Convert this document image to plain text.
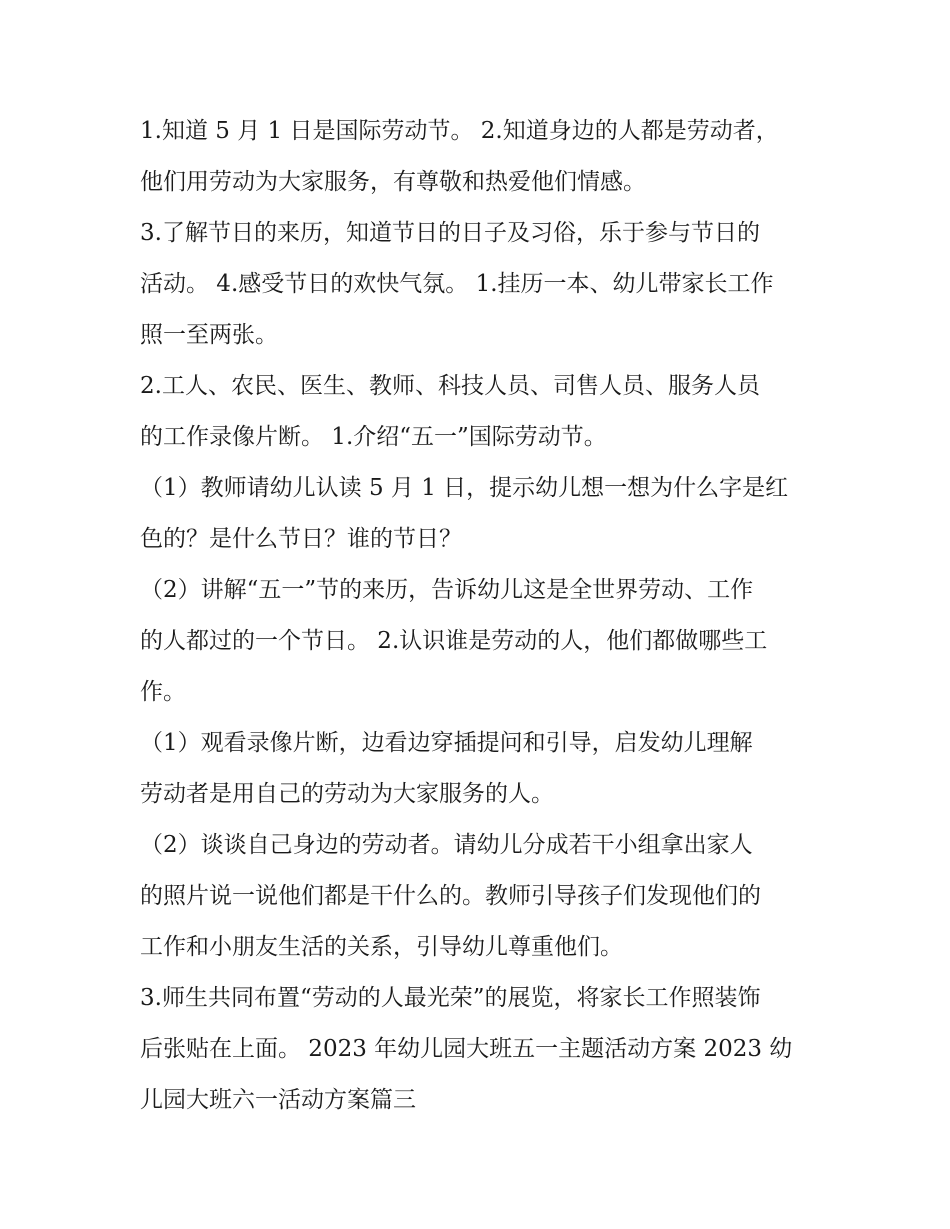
1.知道 5 月 1 日是国际劳动节。 2.知道身边的人都是劳动者，
他们用劳动为大家服务，有尊敬和热爱他们情感。
3.了解节日的来历，知道节日的日子及习俗，乐于参与节日的
活动。 4.感受节日的欢快气氛。 1.挂历一本、幼儿带家长工作
照一至两张。
2.工人、农民、医生、教师、科技人员、司售人员、服务人员
的工作录像片断。 1.介绍“五一”国际劳动节。
（1）教师请幼儿认读 5 月 1 日，提示幼儿想一想为什么字是红
色的？是什么节日？谁的节日？
（2）讲解“五一”节的来历，告诉幼儿这是全世界劳动、工作
的人都过的一个节日。 2.认识谁是劳动的人，他们都做哪些工
作。
（1）观看录像片断，边看边穿插提问和引导，启发幼儿理解
劳动者是用自己的劳动为大家服务的人。
（2）谈谈自己身边的劳动者。请幼儿分成若干小组拿出家人
的照片说一说他们都是干什么的。教师引导孩子们发现他们的
工作和小朋友生活的关系，引导幼儿尊重他们。
3.师生共同布置“劳动的人最光荣”的展览，将家长工作照装饰
后张贴在上面。 2023 年幼儿园大班五一主题活动方案 2023 幼
儿园大班六一活动方案篇三
